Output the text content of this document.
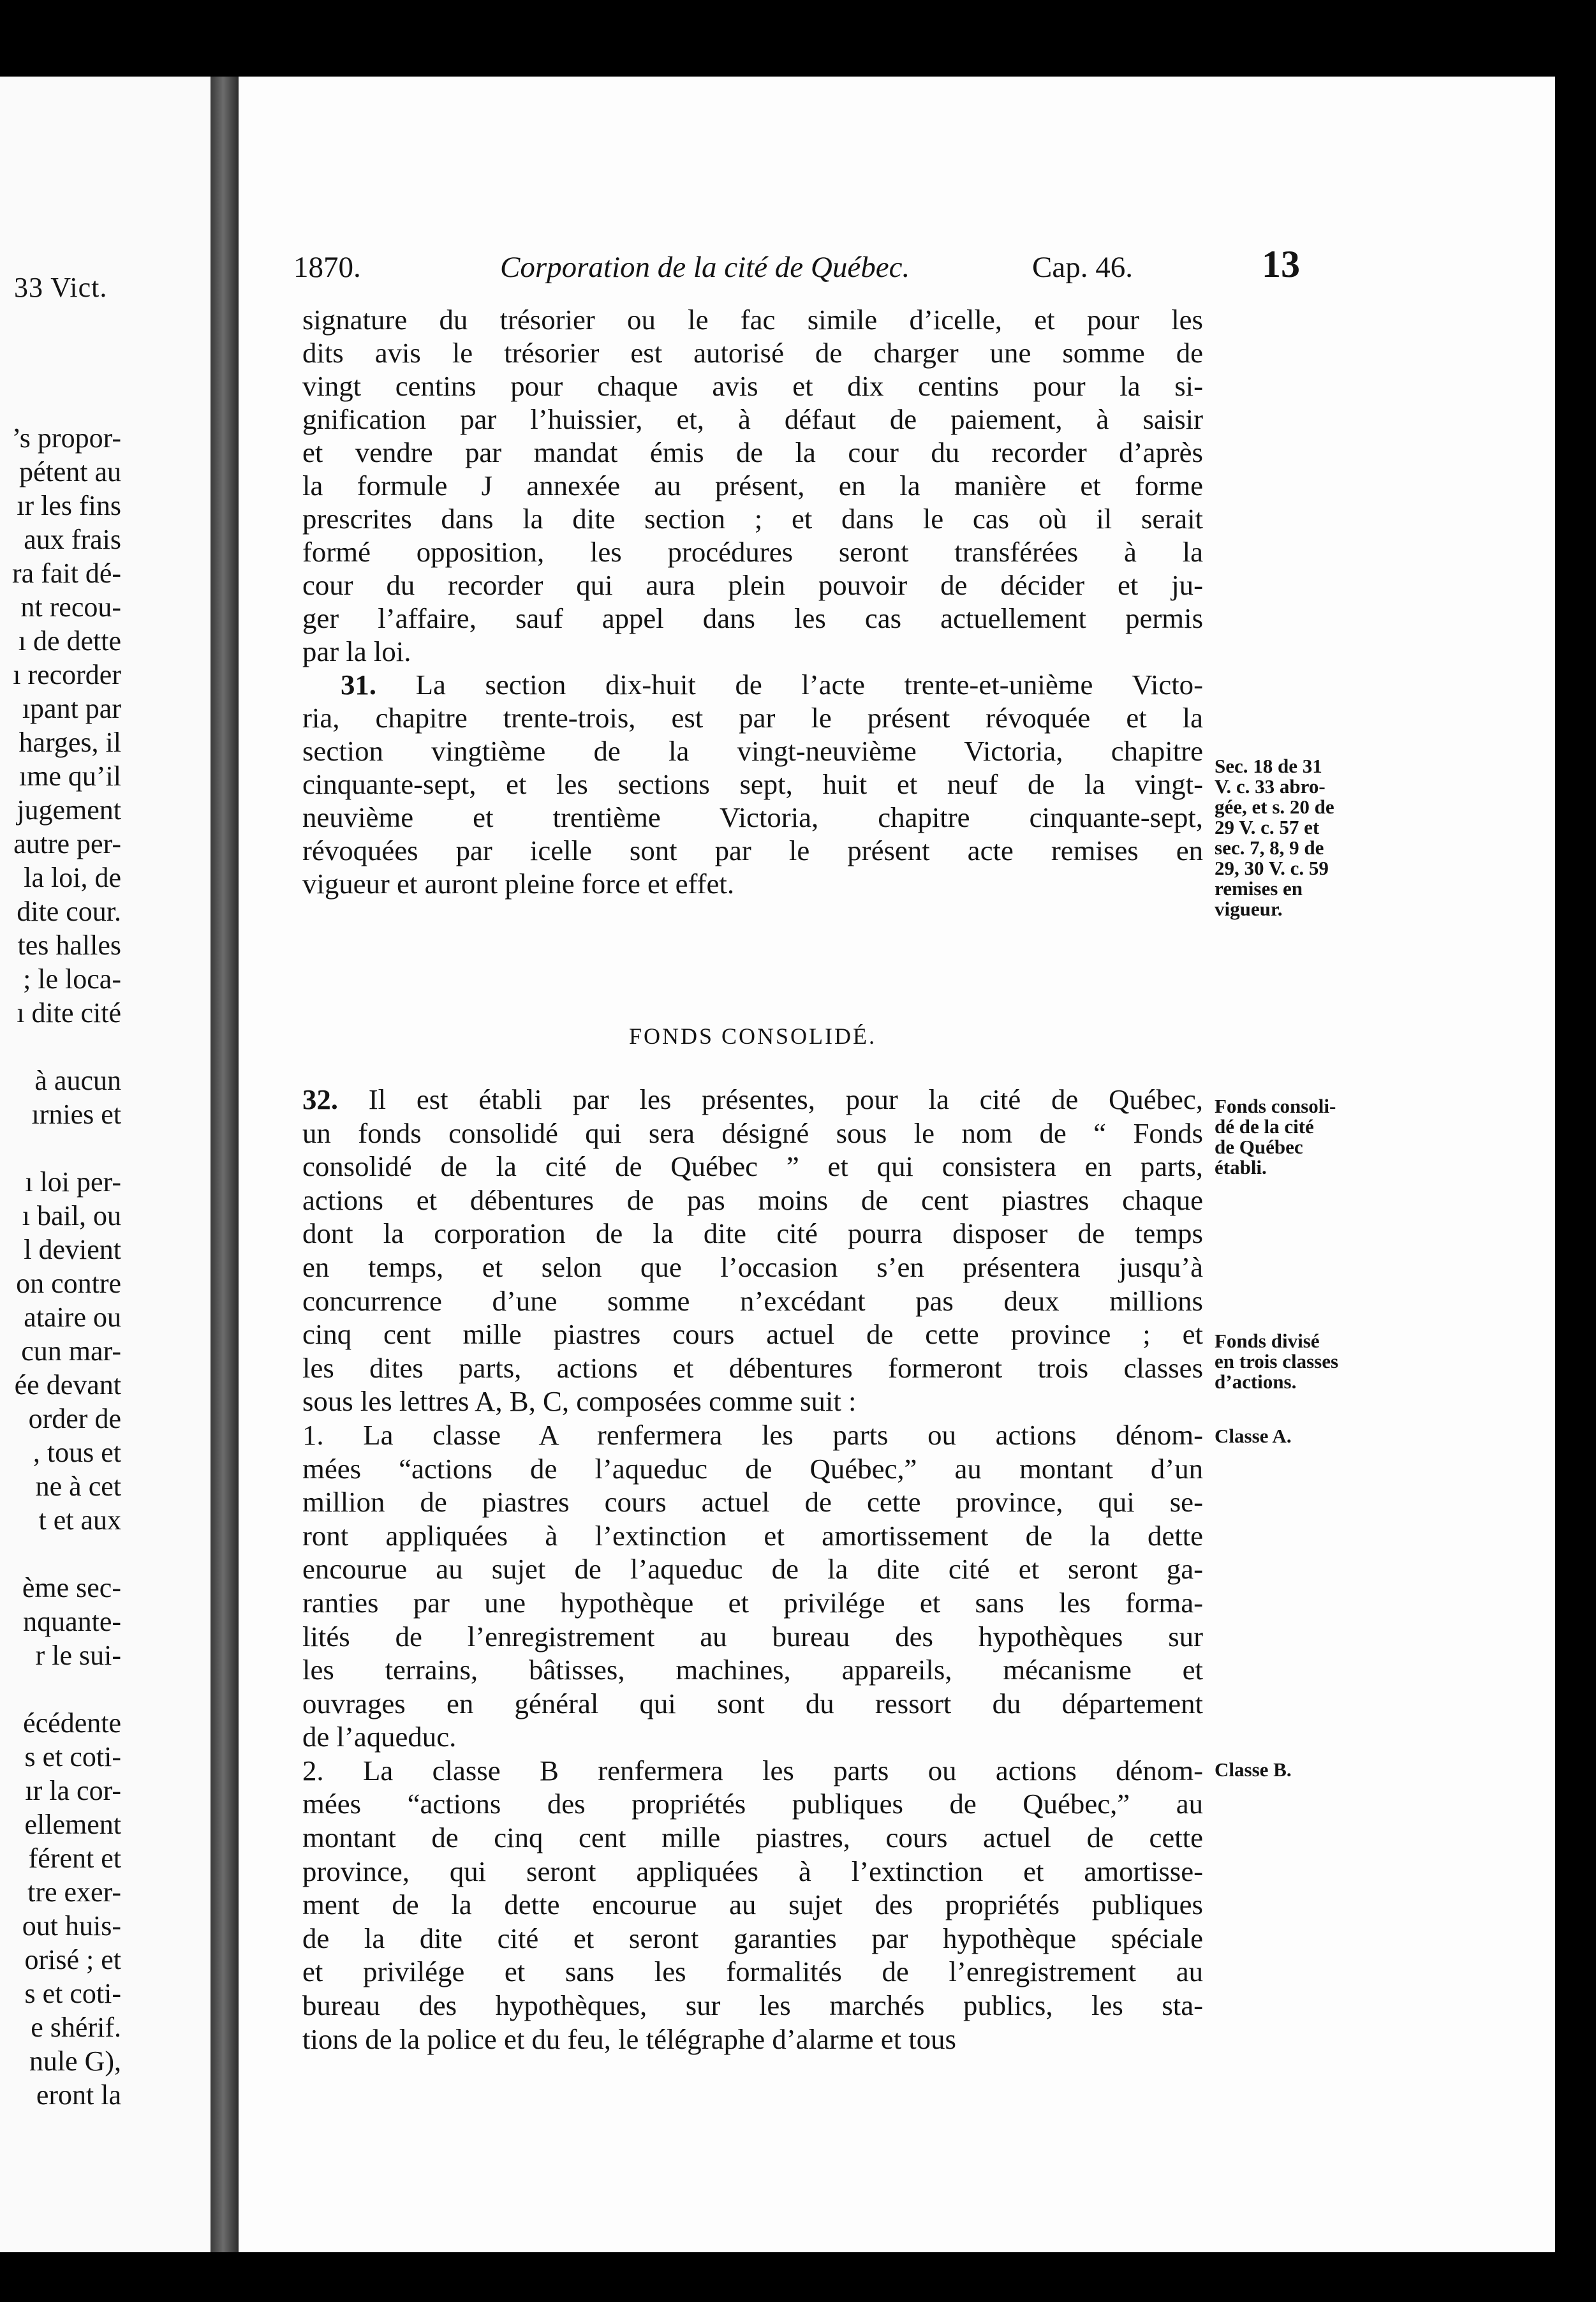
33 Vict.
’s propor-
pétent au
ır les fins
aux frais
ra fait dé-
nt recou-
ı de dette
ı recorder
ıpant par
harges, il
ıme qu’il
jugement
autre per-
la loi, de
dite cour.
tes halles
; le loca-
ı dite cité
à aucun
ırnies et
ı loi per-
ı bail, ou
l devient
on contre
ataire ou
cun mar-
ée devant
order de
, tous et
ne à cet
t et aux
ème sec-
nquante-
r le sui-
écédente
s et coti-
ır la cor-
ellement
férent et
tre exer-
out huis-
orisé ; et
s et coti-
e shérif.
nule G),
eront la
1870.	Corporation de la cité de Québec.	Cap. 46.	13
signature du trésorier ou le fac simile d’icelle, et pour les
dits avis le trésorier est autorisé de charger une somme de
vingt centins pour chaque avis et dix centins pour la si-
gnification par l’huissier, et, à défaut de paiement, à saisir
et vendre par mandat émis de la cour du recorder d’après
la formule J annexée au présent, en la manière et forme
prescrites dans la dite section ; et dans le cas où il serait
formé opposition, les procédures seront transférées à la
cour du recorder qui aura plein pouvoir de décider et ju-
ger l’affaire, sauf appel dans les cas actuellement permis
par la loi.
31. La section dix-huit de l’acte trente-et-unième Victo-
ria, chapitre trente-trois, est par le présent révoquée et la
section vingtième de la vingt-neuvième Victoria, chapitre
cinquante-sept, et les sections sept, huit et neuf de la vingt-
neuvième et trentième Victoria, chapitre cinquante-sept,
révoquées par icelle sont par le présent acte remises en
vigueur et auront pleine force et effet.
Sec. 18 de 31
V. c. 33 abro-
gée, et s. 20 de
29 V. c. 57 et
sec. 7, 8, 9 de
29, 30 V. c. 59
remises en
vigueur.
FONDS CONSOLIDÉ.
32. Il est établi par les présentes, pour la cité de Québec,
un fonds consolidé qui sera désigné sous le nom de “ Fonds
consolidé de la cité de Québec ” et qui consistera en parts,
actions et débentures de pas moins de cent piastres chaque
dont la corporation de la dite cité pourra disposer de temps
en temps, et selon que l’occasion s’en présentera jusqu’à
concurrence d’une somme n’excédant pas deux millions
cinq cent mille piastres cours actuel de cette province ; et
les dites parts, actions et débentures formeront trois classes
sous les lettres A, B, C, composées comme suit :
1. La classe A renfermera les parts ou actions dénom-
mées “actions de l’aqueduc de Québec,” au montant d’un
million de piastres cours actuel de cette province, qui se-
ront appliquées à l’extinction et amortissement de la dette
encourue au sujet de l’aqueduc de la dite cité et seront ga-
ranties par une hypothèque et privilége et sans les forma-
lités de l’enregistrement au bureau des hypothèques sur
les terrains, bâtisses, machines, appareils, mécanisme et
ouvrages en général qui sont du ressort du département
de l’aqueduc.
2. La classe B renfermera les parts ou actions dénom-
mées “actions des propriétés publiques de Québec,” au
montant de cinq cent mille piastres, cours actuel de cette
province, qui seront appliquées à l’extinction et amortisse-
ment de la dette encourue au sujet des propriétés publiques
de la dite cité et seront garanties par hypothèque spéciale
et privilége et sans les formalités de l’enregistrement au
bureau des hypothèques, sur les marchés publics, les sta-
tions de la police et du feu, le télégraphe d’alarme et tous
Fonds consoli-
dé de la cité
de Québec
établi.
Fonds divisé
en trois classes
d’actions.
Classe A.
Classe B.
